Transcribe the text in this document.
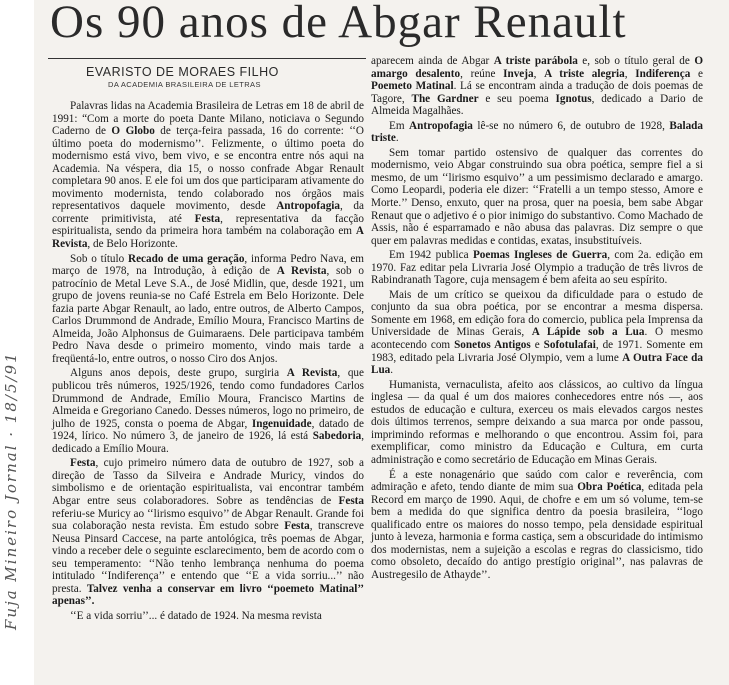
Fuja Mineiro Jornal · 18/5/91
Os 90 anos de Abgar Renault
EVARISTO DE MORAES FILHO
DA ACADEMIA BRASILEIRA DE LETRAS

Palavras lidas na Academia Brasileira de Letras em 18 de abril de 1991: “Com a morte do poeta Dante Milano, noticiava o Segundo Caderno de O Globo de terça-feira passada, 16 do corrente: ‘‘O último poeta do modernismo’’. Felizmente, o último poeta do modernismo está vivo, bem vivo, e se encontra entre nós aqui na Academia. Na véspera, dia 15, o nosso confrade Abgar Renault completara 90 anos. E ele foi um dos que participaram ativamente do movimento modernista, tendo colaborado nos órgãos mais representativos daquele movimento, desde Antropofagia, da corrente primitivista, até Festa, representativa da facção espiritualista, sendo da primeira hora também na colaboração em A Revista, de Belo Horizonte.

Sob o título Recado de uma geração, informa Pedro Nava, em março de 1978, na Introdução, à edição de A Revista, sob o patrocínio de Metal Leve S.A., de José Midlin, que, desde 1921, um grupo de jovens reunia-se no Café Estrela em Belo Horizonte. Dele fazia parte Abgar Renault, ao lado, entre outros, de Alberto Campos, Carlos Drummond de Andrade, Emílio Moura, Francisco Martins de Almeida, João Alphonsus de Guimaraens. Dele participava também Pedro Nava desde o primeiro momento, vindo mais tarde a freqüentá-lo, entre outros, o nosso Ciro dos Anjos.

Alguns anos depois, deste grupo, surgiria A Revista, que publicou três números, 1925/1926, tendo como fundadores Carlos Drummond de Andrade, Emílio Moura, Francisco Martins de Almeida e Gregoriano Canedo. Desses números, logo no primeiro, de julho de 1925, consta o poema de Abgar, Ingenuidade, datado de 1924, lírico. No número 3, de janeiro de 1926, lá está Sabedoria, dedicado a Emílio Moura.

Festa, cujo primeiro número data de outubro de 1927, sob a direção de Tasso da Silveira e Andrade Muricy, vindos do simbolismo e de orientação espiritualista, vai encontrar também Abgar entre seus colaboradores. Sobre as tendências de Festa referiu-se Muricy ao ‘‘lirismo esquivo’’ de Abgar Renault. Grande foi sua colaboração nesta revista. Em estudo sobre Festa, transcreve Neusa Pinsard Caccese, na parte antológica, três poemas de Abgar, vindo a receber dele o seguinte esclarecimento, bem de acordo com o seu temperamento: ‘‘Não tenho lembrança nenhuma do poema intitulado ‘‘Indiferença’’ e entendo que ‘‘E a vida sorriu...’’ não presta. Talvez venha a conservar em livro ‘‘poemeto Matinal’’ apenas’’.

‘‘E a vida sorriu’’... é datado de 1924. Na mesma revista

aparecem ainda de Abgar A triste parábola e, sob o título geral de O amargo desalento, reúne Inveja, A triste alegria, Indiferença e Poemeto Matinal. Lá se encontram ainda a tradução de dois poemas de Tagore, The Gardner e seu poema Ignotus, dedicado a Dario de Almeida Magalhães.

Em Antropofagia lê-se no número 6, de outubro de 1928, Balada triste.

Sem tomar partido ostensivo de qualquer das correntes do modernismo, veio Abgar construindo sua obra poética, sempre fiel a si mesmo, de um ‘‘lirismo esquivo’’ a um pessimismo declarado e amargo. Como Leopardi, poderia ele dizer: ‘‘Fratelli a un tempo stesso, Amore e Morte.’’ Denso, enxuto, quer na prosa, quer na poesia, bem sabe Abgar Renaut que o adjetivo é o pior inimigo do substantivo. Como Machado de Assis, não é esparramado e não abusa das palavras. Diz sempre o que quer em palavras medidas e contidas, exatas, insubstituíveis.

Em 1942 publica Poemas Ingleses de Guerra, com 2a. edição em 1970. Faz editar pela Livraria José Olympio a tradução de três livros de Rabindranath Tagore, cuja mensagem é bem afeita ao seu espírito.

Mais de um crítico se queixou da dificuldade para o estudo de conjunto da sua obra poética, por se encontrar a mesma dispersa. Somente em 1968, em edição fora do comercio, publica pela Imprensa da Universidade de Minas Gerais, A Lápide sob a Lua. O mesmo acontecendo com Sonetos Antigos e Sofotulafai, de 1971. Somente em 1983, editado pela Livraria José Olympio, vem a lume A Outra Face da Lua.

Humanista, vernaculista, afeito aos clássicos, ao cultivo da língua inglesa — da qual é um dos maiores conhecedores entre nós —, aos estudos de educação e cultura, exerceu os mais elevados cargos nestes dois últimos terrenos, sempre deixando a sua marca por onde passou, imprimindo reformas e melhorando o que encontrou. Assim foi, para exemplificar, como ministro da Educação e Cultura, em curta administração e como secretário de Educação em Minas Gerais.

É a este nonagenário que saúdo com calor e reverência, com admiração e afeto, tendo diante de mim sua Obra Poética, editada pela Record em março de 1990. Aqui, de chofre e em um só volume, tem-se bem a medida do que significa dentro da poesia brasileira, ‘‘logo qualificado entre os maiores do nosso tempo, pela densidade espiritual junto à leveza, harmonia e forma castiça, sem a obscuridade do intimismo dos modernistas, nem a sujeição a escolas e regras do classicismo, tido como obsoleto, decaído do antigo prestígio original’’, nas palavras de Austregesilo de Athayde’’.
